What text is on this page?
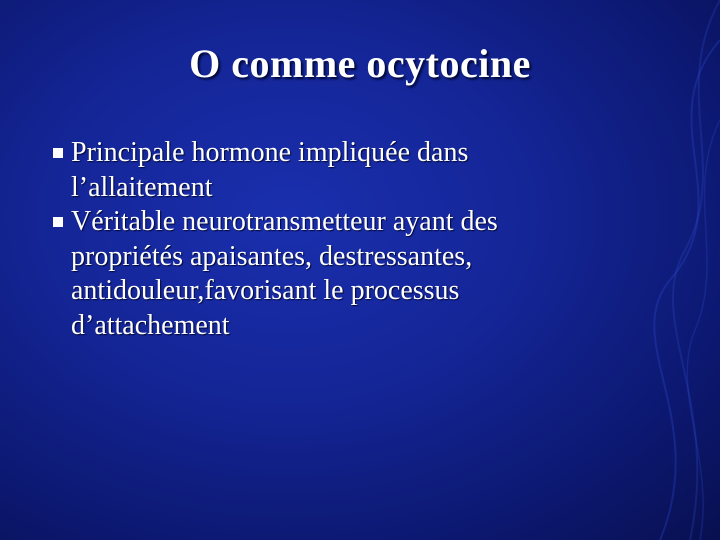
O comme ocytocine
Principale hormone impliquée dans l’allaitement
Véritable neurotransmetteur ayant des propriétés apaisantes, destressantes, antidouleur,favorisant le processus d’attachement
